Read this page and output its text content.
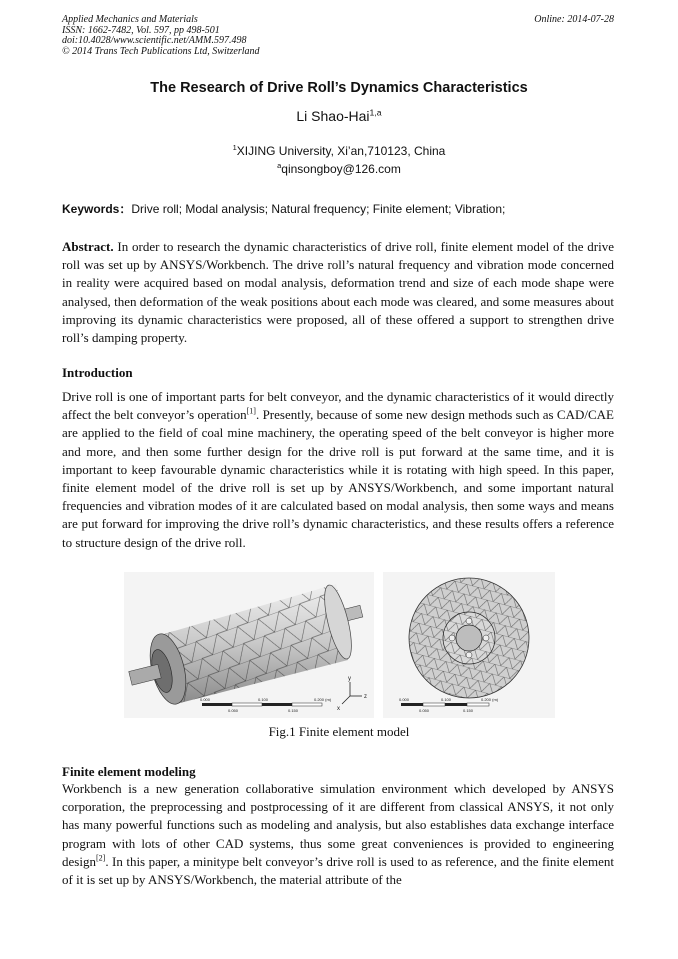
Applied Mechanics and Materials
ISSN: 1662-7482, Vol. 597, pp 498-501
doi:10.4028/www.scientific.net/AMM.597.498
© 2014 Trans Tech Publications Ltd, Switzerland
Online: 2014-07-28
The Research of Drive Roll’s Dynamics Characteristics
Li Shao-Hai$^{1,a}$
$^1$XIJING University, Xi’an,710123, China
$^a$qinsongboy@126.com
Keywords：Drive roll; Modal analysis; Natural frequency; Finite element; Vibration;
Abstract. In order to research the dynamic characteristics of drive roll, finite element model of the drive roll was set up by ANSYS/Workbench. The drive roll’s natural frequency and vibration mode concerned in reality were acquired based on modal analysis, deformation trend and size of each mode shape were analysed, then deformation of the weak positions about each mode was cleared, and some measures about improving its dynamic characteristics were proposed, all of these offered a support to strengthen drive roll’s damping property.
Introduction
Drive roll is one of important parts for belt conveyor, and the dynamic characteristics of it would directly affect the belt conveyor’s operation[1]. Presently, because of some new design methods such as CAD/CAE are applied to the field of coal mine machinery, the operating speed of the belt conveyor is higher more and more, and then some further design for the drive roll is put forward at the same time, and it is important to keep favourable dynamic characteristics while it is rotating with high speed. In this paper, finite element model of the drive roll is set up by ANSYS/Workbench, and some important natural frequencies and vibration modes of it are calculated based on modal analysis, then some ways and means are put forward for improving the drive roll’s dynamic characteristics, and these results offers a reference to structure design of the drive roll.
y
z
x
0.000	0.100	0.200 (m)
0.050	0.150
0.000	0.100	0.200 (m)
0.050	0.150
Fig.1 Finite element model
Finite element modeling
Workbench is a new generation collaborative simulation environment which developed by ANSYS corporation, the preprocessing and postprocessing of it are different from classical ANSYS, it not only has many powerful functions such as modeling and analysis, but also establishes data exchange interface program with lots of other CAD systems, thus some great conveniences is provided to engineering design[2]. In this paper, a minitype belt conveyor’s drive roll is used to as reference, and the finite element of it is set up by ANSYS/Workbench, the material attribute of the
